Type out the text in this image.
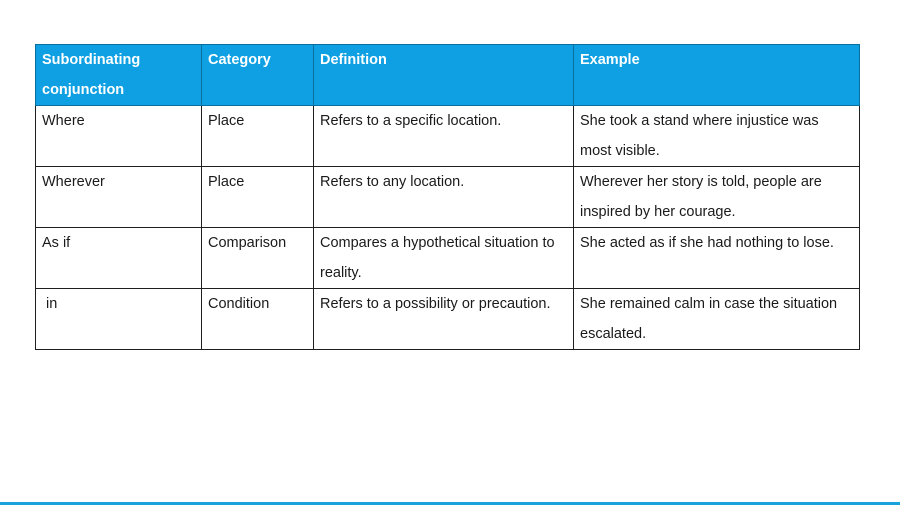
Subordinating conjunction	Category	Definition	Example
Where	Place	Refers to a specific location.	She took a stand where injustice was most visible.
Wherever	Place	Refers to any location.	Wherever her story is told, people are inspired by her courage.
As if	Comparison	Compares a hypothetical situation to reality.	She acted as if she had nothing to lose.
in	Condition	Refers to a possibility or precaution.	She remained calm in case the situation escalated.
